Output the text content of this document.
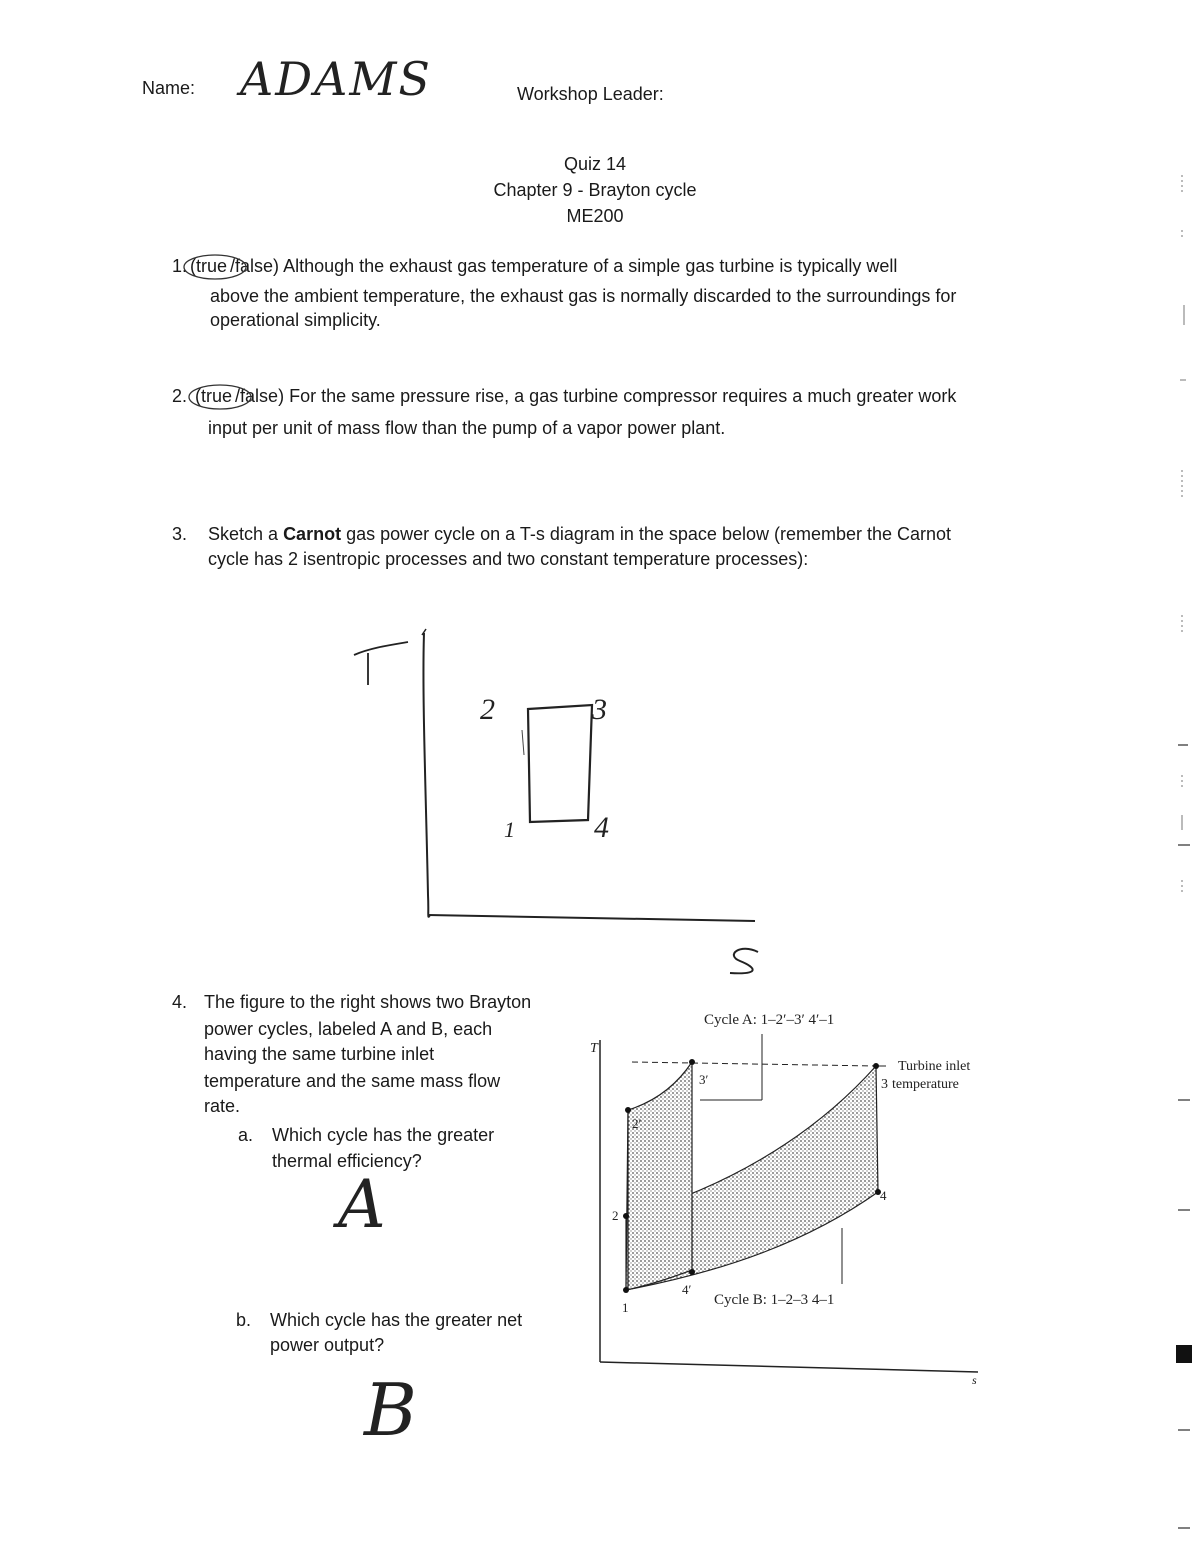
Name: ADAMS	Workshop Leader:
Quiz 14
Chapter 9 - Brayton cycle
ME200
1. (true /false) Although the exhaust gas temperature of a simple gas turbine is typically well
above the ambient temperature, the exhaust gas is normally discarded to the surroundings for
operational simplicity.
2. (true /false) For the same pressure rise, a gas turbine compressor requires a much greater work
input per unit of mass flow than the pump of a vapor power plant.
3. Sketch a Carnot gas power cycle on a T-s diagram in the space below (remember the Carnot
cycle has 2 isentropic processes and two constant temperature processes):
2	3
1	4
4. The figure to the right shows two Brayton
power cycles, labeled A and B, each
having the same turbine inlet
temperature and the same mass flow
rate.
a. Which cycle has the greater
thermal efficiency?
A
b. Which cycle has the greater net
power output?
B
T
s
Cycle A: 1–2′–3′ 4′–1
Cycle B: 1–2–3 4–1
Turbine inlet
temperature
3
3′
2′
2
1
4
4′
